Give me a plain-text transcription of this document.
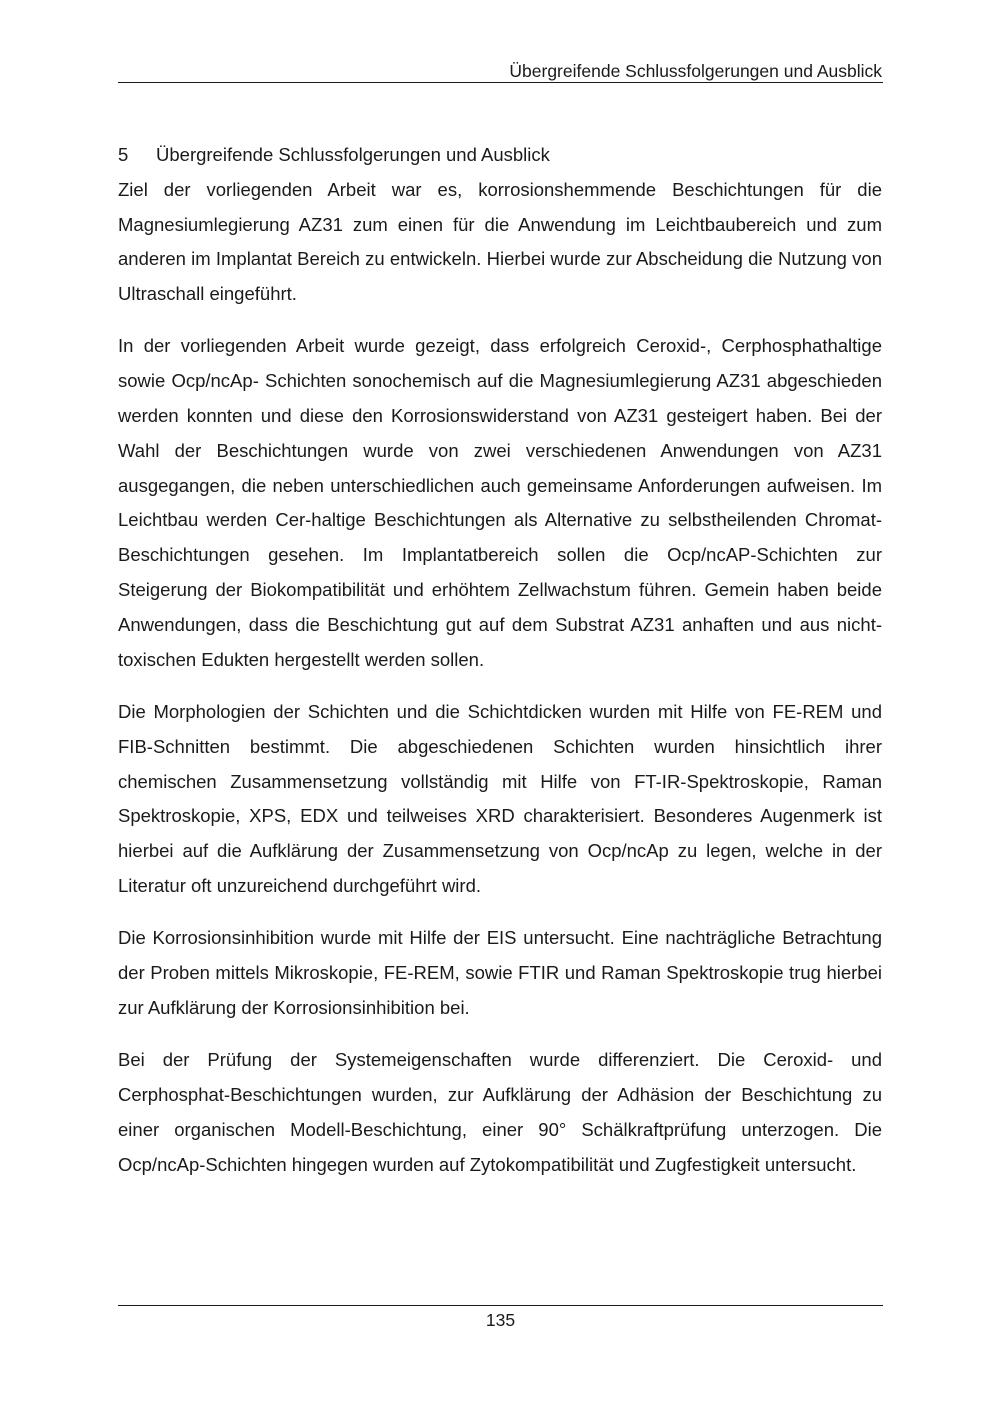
Übergreifende Schlussfolgerungen und Ausblick
5 Übergreifende Schlussfolgerungen und Ausblick

Ziel der vorliegenden Arbeit war es, korrosionshemmende Beschichtungen für die Magnesiumlegierung AZ31 zum einen für die Anwendung im Leichtbaubereich und zum anderen im Implantat Bereich zu entwickeln. Hierbei wurde zur Abscheidung die Nutzung von Ultraschall eingeführt.

In der vorliegenden Arbeit wurde gezeigt, dass erfolgreich Ceroxid-, Cerphosphathaltige sowie Ocp/ncAp- Schichten sonochemisch auf die Magnesiumlegierung AZ31 abgeschieden werden konnten und diese den Korrosionswiderstand von AZ31 gesteigert haben. Bei der Wahl der Beschichtungen wurde von zwei verschiedenen Anwendungen von AZ31 ausgegangen, die neben unterschiedlichen auch gemeinsame Anforderungen aufweisen. Im Leichtbau werden Cer-haltige Beschichtungen als Alternative zu selbstheilenden Chromat-Beschichtungen gesehen. Im Implantatbereich sollen die Ocp/ncAP-Schichten zur Steigerung der Biokompatibilität und erhöhtem Zellwachstum führen. Gemein haben beide Anwendungen, dass die Beschichtung gut auf dem Substrat AZ31 anhaften und aus nicht-toxischen Edukten hergestellt werden sollen.

Die Morphologien der Schichten und die Schichtdicken wurden mit Hilfe von FE-REM und FIB-Schnitten bestimmt. Die abgeschiedenen Schichten wurden hinsichtlich ihrer chemischen Zusammensetzung vollständig mit Hilfe von FT-IR-Spektroskopie, Raman Spektroskopie, XPS, EDX und teilweises XRD charakterisiert. Besonderes Augenmerk ist hierbei auf die Aufklärung der Zusammensetzung von Ocp/ncAp zu legen, welche in der Literatur oft unzureichend durchgeführt wird.

Die Korrosionsinhibition wurde mit Hilfe der EIS untersucht. Eine nachträgliche Betrachtung der Proben mittels Mikroskopie, FE-REM, sowie FTIR und Raman Spektroskopie trug hierbei zur Aufklärung der Korrosionsinhibition bei.

Bei der Prüfung der Systemeigenschaften wurde differenziert. Die Ceroxid- und Cerphosphat-Beschichtungen wurden, zur Aufklärung der Adhäsion der Beschichtung zu einer organischen Modell-Beschichtung, einer 90° Schälkraftprüfung unterzogen. Die Ocp/ncAp-Schichten hingegen wurden auf Zytokompatibilität und Zugfestigkeit untersucht.

135
